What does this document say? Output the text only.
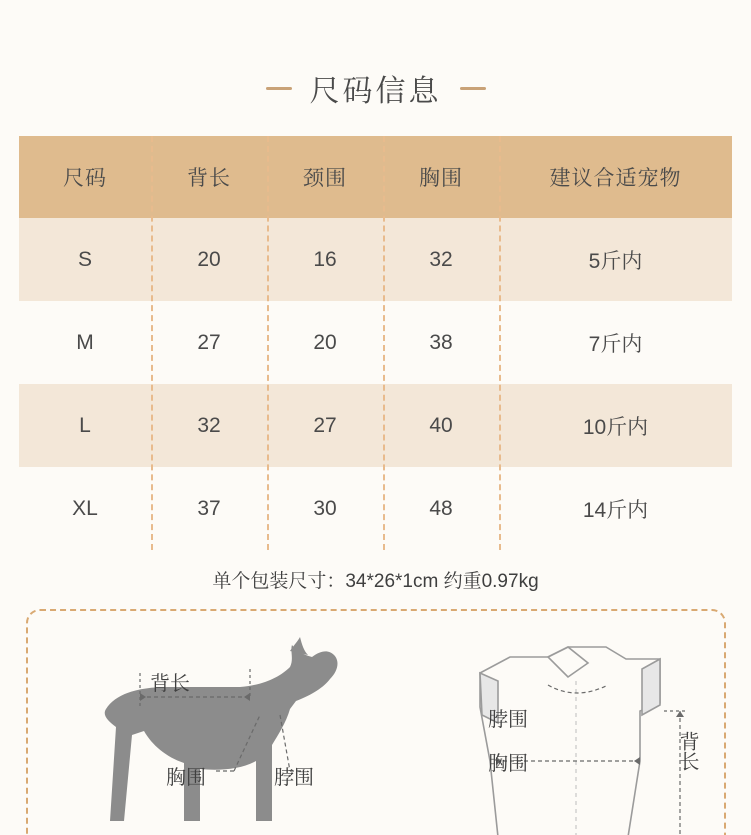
尺码信息
尺码	背长	颈围	胸围	建议合适宠物
S	20	16	32	5斤内
M	27	20	38	7斤内
L	32	27	40	10斤内
XL	37	30	48	14斤内
单个包装尺寸：34*26*1cm 约重0.97kg
背长
胸围	脖围
脖围
胸围	背长
